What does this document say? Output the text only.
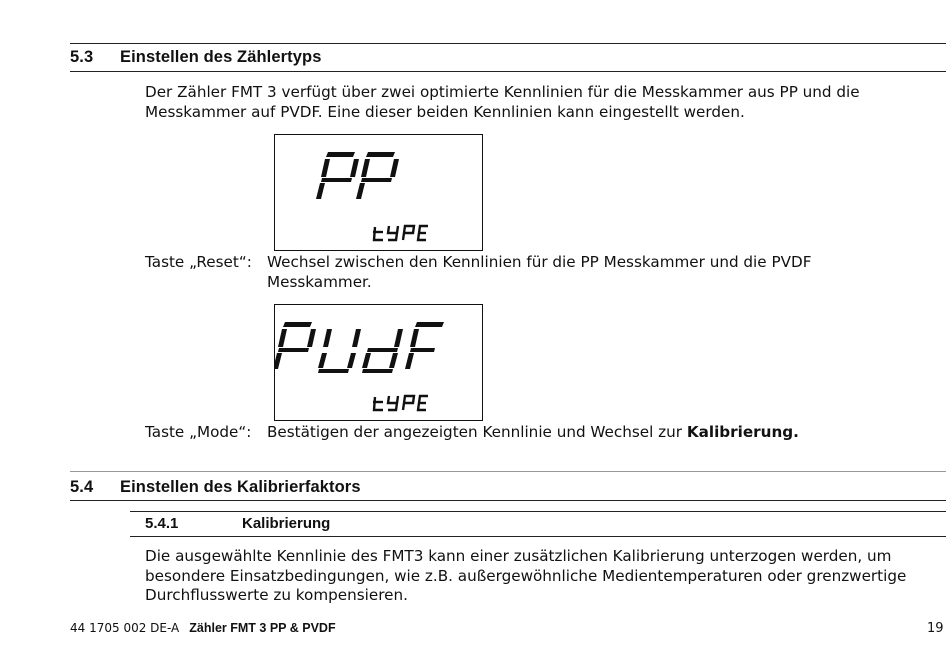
5.3 Einstellen des Zählertyps
Der Zähler FMT 3 verfügt über zwei optimierte Kennlinien für die Messkammer aus PP und die
Messkammer auf PVDF. Eine dieser beiden Kennlinien kann eingestellt werden.
Taste „Reset“: Wechsel zwischen den Kennlinien für die PP Messkammer und die PVDF
Messkammer.
Taste „Mode“: Bestätigen der angezeigten Kennlinie und Wechsel zur Kalibrierung.
5.4 Einstellen des Kalibrierfaktors
5.4.1	Kalibrierung
Die ausgewählte Kennlinie des FMT3 kann einer zusätzlichen Kalibrierung unterzogen werden, um
besondere Einsatzbedingungen, wie z.B. außergewöhnliche Medientemperaturen oder grenzwertige
Durchflusswerte zu kompensieren.
44 1705 002 DE-A Zähler FMT 3 PP & PVDF	19
